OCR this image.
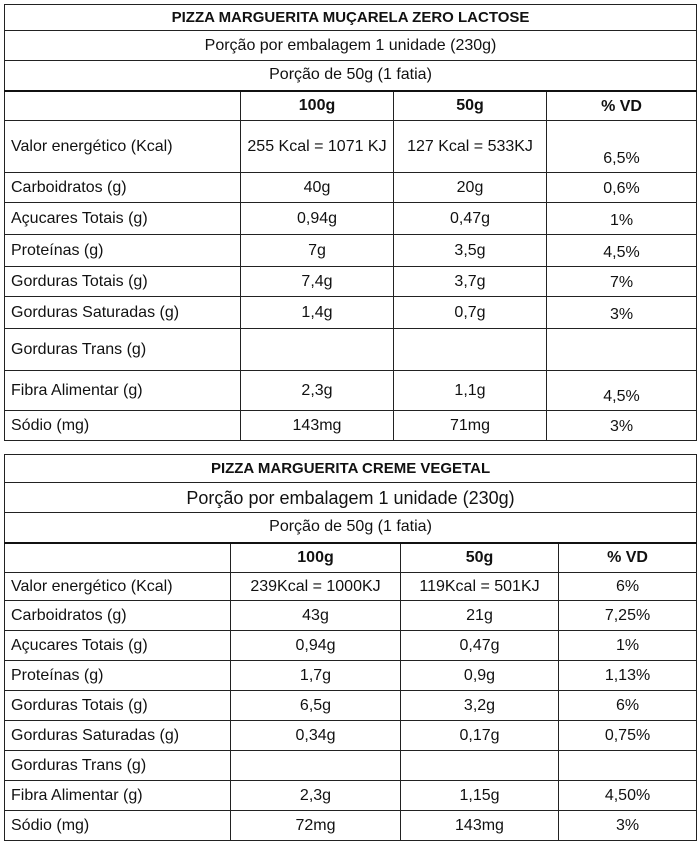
PIZZA MARGUERITA MUÇARELA ZERO LACTOSE			
Porção por embalagem 1 unidade (230g)			
Porção de 50g (1 fatia)			
	100g	50g	% VD
Valor energético (Kcal)	255 Kcal = 1071 KJ	127 Kcal = 533KJ	6,5%
Carboidratos (g)	40g	20g	0,6%
Açucares Totais (g)	0,94g	0,47g	1%
Proteínas (g)	7g	3,5g	4,5%
Gorduras Totais (g)	7,4g	3,7g	7%
Gorduras Saturadas (g)	1,4g	0,7g	3%
Gorduras Trans (g)			
Fibra Alimentar (g)	2,3g	1,1g	4,5%
Sódio (mg)	143mg	71mg	3%
PIZZA MARGUERITA CREME VEGETAL			
Porção por embalagem 1 unidade (230g)			
Porção de 50g (1 fatia)			
	100g	50g	% VD
Valor energético (Kcal)	239Kcal = 1000KJ	119Kcal = 501KJ	6%
Carboidratos (g)	43g	21g	7,25%
Açucares Totais (g)	0,94g	0,47g	1%
Proteínas (g)	1,7g	0,9g	1,13%
Gorduras Totais (g)	6,5g	3,2g	6%
Gorduras Saturadas (g)	0,34g	0,17g	0,75%
Gorduras Trans (g)			
Fibra Alimentar (g)	2,3g	1,15g	4,50%
Sódio (mg)	72mg	143mg	3%
